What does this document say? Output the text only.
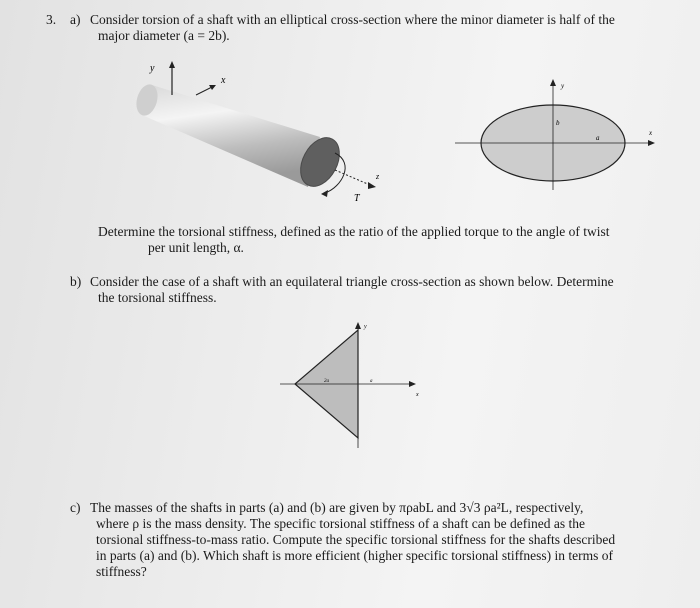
3. a) Consider torsion of a shaft with an elliptical cross-section where the minor diameter is half of the
major diameter (a = 2b).
y
x
z
T
y
x
b
a
Determine the torsional stiffness, defined as the ratio of the applied torque to the angle of twist
per unit length, α.
b) Consider the case of a shaft with an equilateral triangle cross-section as shown below. Determine
the torsional stiffness.
y
x
2a	a
c) The masses of the shafts in parts (a) and (b) are given by πρabL and 3√3 ρa²L, respectively,
where ρ is the mass density. The specific torsional stiffness of a shaft can be defined as the
torsional stiffness-to-mass ratio. Compute the specific torsional stiffness for the shafts described
in parts (a) and (b). Which shaft is more efficient (higher specific torsional stiffness) in terms of
stiffness?
